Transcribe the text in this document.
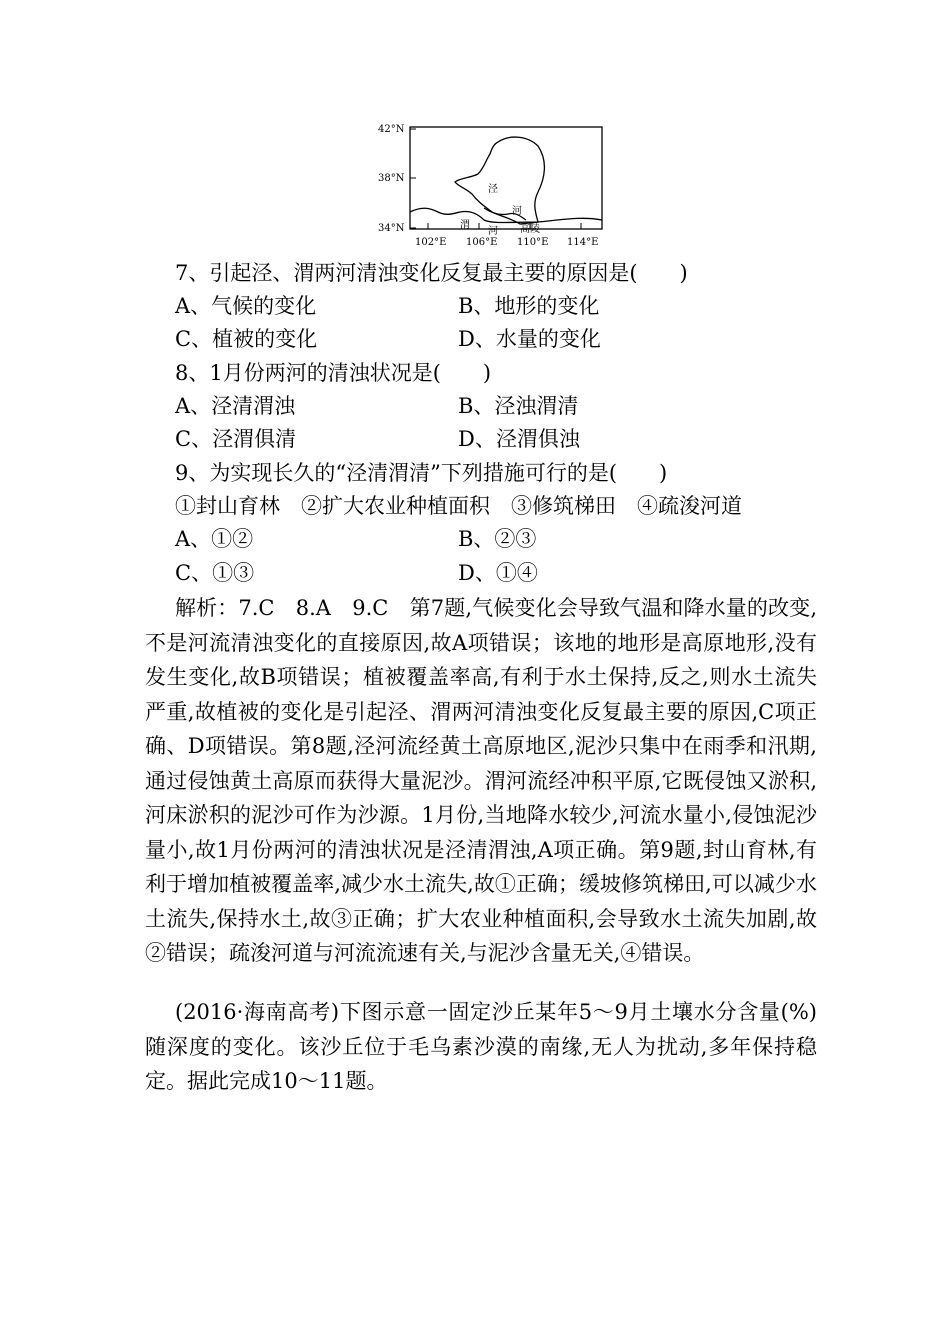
42°N
38°N
34°N
102°E 106°E 110°E 114°E
泾
河
渭
河 高陵
7、引起泾、渭两河清浊变化反复最主要的原因是(　　)
A、气候的变化	B、地形的变化
C、植被的变化	D、水量的变化
8、1月份两河的清浊状况是(　　)
A、泾清渭浊	B、泾浊渭清
C、泾渭俱清	D、泾渭俱浊
9、为实现长久的“泾清渭清”下列措施可行的是(　　)
①封山育林　②扩大农业种植面积　③修筑梯田　④疏浚河道
A、①②	B、②③
C、①③	D、①④
解析：7.C　8.A　9.C　第7题,气候变化会导致气温和降水量的改变,不是河流清浊变化的直接原因,故A项错误；该地的地形是高原地形,没有发生变化,故B项错误；植被覆盖率高,有利于水土保持,反之,则水土流失严重,故植被的变化是引起泾、渭两河清浊变化反复最主要的原因,C项正确、D项错误。第8题,泾河流经黄土高原地区,泥沙只集中在雨季和汛期,通过侵蚀黄土高原而获得大量泥沙。渭河流经冲积平原,它既侵蚀又淤积,河床淤积的泥沙可作为沙源。1月份,当地降水较少,河流水量小,侵蚀泥沙量小,故1月份两河的清浊状况是泾清渭浊,A项正确。第9题,封山育林,有利于增加植被覆盖率,减少水土流失,故①正确；缓坡修筑梯田,可以减少水土流失,保持水土,故③正确；扩大农业种植面积,会导致水土流失加剧,故②错误；疏浚河道与河流流速有关,与泥沙含量无关,④错误。
(2016·海南高考)下图示意一固定沙丘某年5～9月土壤水分含量(%)随深度的变化。该沙丘位于毛乌素沙漠的南缘,无人为扰动,多年保持稳定。据此完成10～11题。
